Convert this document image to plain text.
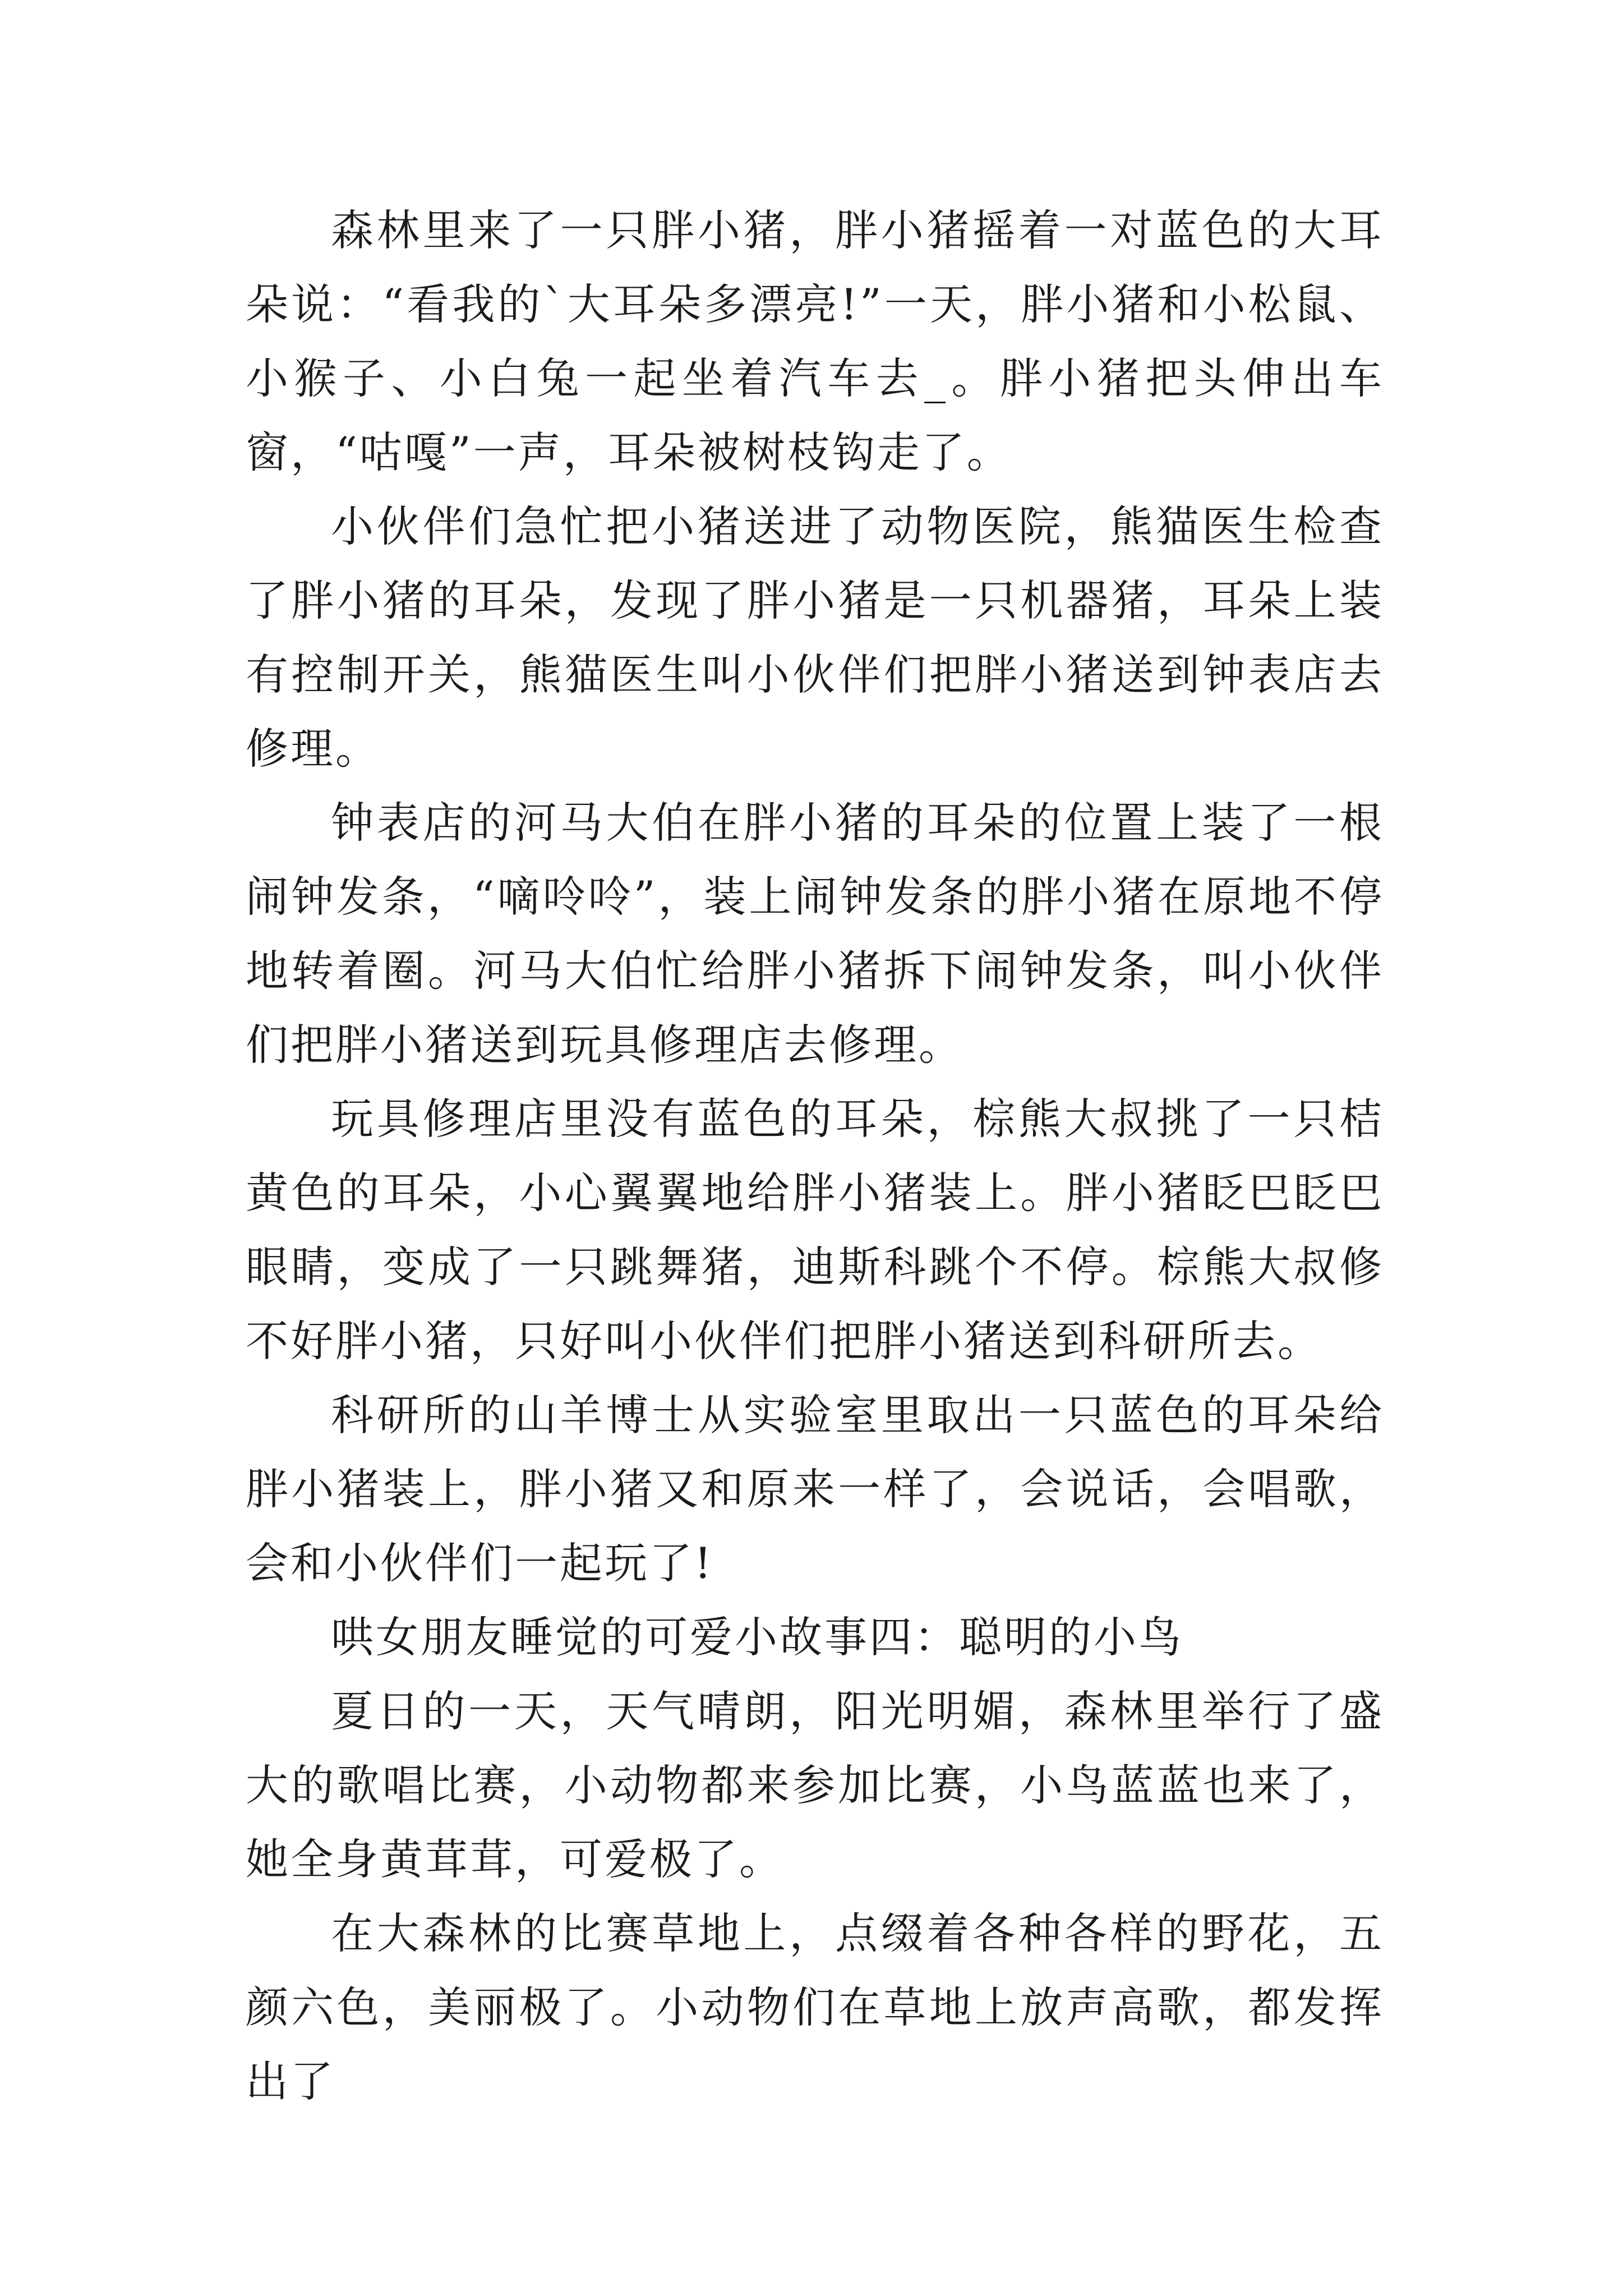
森林里来了一只胖小猪，胖小猪摇着一对蓝色的大耳朵说：“看我的`大耳朵多漂亮!”一天，胖小猪和小松鼠、小猴子、小白兔一起坐着汽车去_。胖小猪把头伸出车窗，“咕嘎”一声，耳朵被树枝钩走了。

小伙伴们急忙把小猪送进了动物医院，熊猫医生检查了胖小猪的耳朵，发现了胖小猪是一只机器猪，耳朵上装有控制开关，熊猫医生叫小伙伴们把胖小猪送到钟表店去修理。

钟表店的河马大伯在胖小猪的耳朵的位置上装了一根闹钟发条，“嘀呤呤”，装上闹钟发条的胖小猪在原地不停地转着圈。河马大伯忙给胖小猪拆下闹钟发条，叫小伙伴们把胖小猪送到玩具修理店去修理。

玩具修理店里没有蓝色的耳朵，棕熊大叔挑了一只桔黄色的耳朵，小心翼翼地给胖小猪装上。胖小猪眨巴眨巴眼睛，变成了一只跳舞猪，迪斯科跳个不停。棕熊大叔修不好胖小猪，只好叫小伙伴们把胖小猪送到科研所去。

科研所的山羊博士从实验室里取出一只蓝色的耳朵给胖小猪装上，胖小猪又和原来一样了，会说话，会唱歌，会和小伙伴们一起玩了!

哄女朋友睡觉的可爱小故事四：聪明的小鸟

夏日的一天，天气晴朗，阳光明媚，森林里举行了盛大的歌唱比赛，小动物都来参加比赛，小鸟蓝蓝也来了，她全身黄茸茸，可爱极了。

在大森林的比赛草地上，点缀着各种各样的野花，五颜六色，美丽极了。小动物们在草地上放声高歌，都发挥出了
